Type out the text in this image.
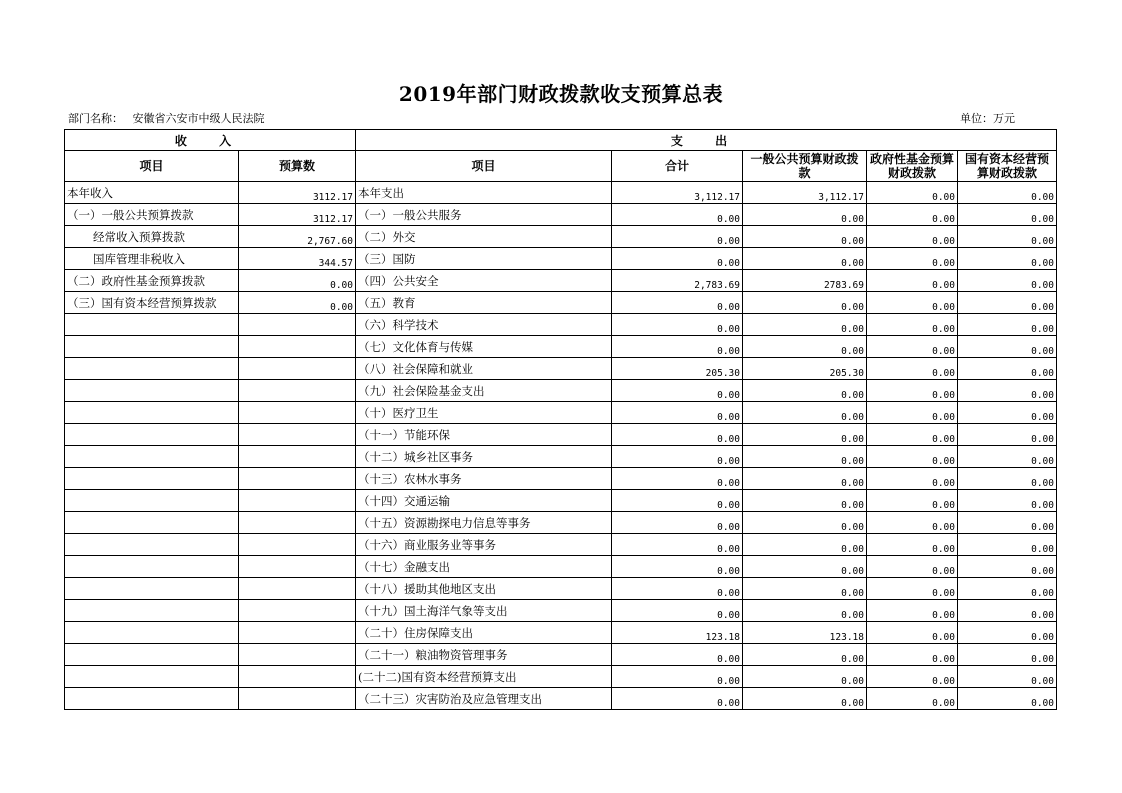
2019年部门财政拨款收支预算总表
部门名称： 安徽省六安市中级人民法院	单位：万元
收 入		支 出				
项目	预算数	项目	合计	一般公共预算财政拨款	政府性基金预算财政拨款	国有资本经营预算财政拨款
本年收入	3112.17	本年支出	3,112.17	3,112.17	0.00	0.00
（一）一般公共预算拨款	3112.17	（一）一般公共服务	0.00	0.00	0.00	0.00
经常收入预算拨款	2,767.60	（二）外交	0.00	0.00	0.00	0.00
国库管理非税收入	344.57	（三）国防	0.00	0.00	0.00	0.00
（二）政府性基金预算拨款	0.00	（四）公共安全	2,783.69	2783.69	0.00	0.00
（三）国有资本经营预算拨款	0.00	（五）教育	0.00	0.00	0.00	0.00
		（六）科学技术	0.00	0.00	0.00	0.00
		（七）文化体育与传媒	0.00	0.00	0.00	0.00
		（八）社会保障和就业	205.30	205.30	0.00	0.00
		（九）社会保险基金支出	0.00	0.00	0.00	0.00
		（十）医疗卫生	0.00	0.00	0.00	0.00
		（十一）节能环保	0.00	0.00	0.00	0.00
		（十二）城乡社区事务	0.00	0.00	0.00	0.00
		（十三）农林水事务	0.00	0.00	0.00	0.00
		（十四）交通运输	0.00	0.00	0.00	0.00
		（十五）资源勘探电力信息等事务	0.00	0.00	0.00	0.00
		（十六）商业服务业等事务	0.00	0.00	0.00	0.00
		（十七）金融支出	0.00	0.00	0.00	0.00
		（十八）援助其他地区支出	0.00	0.00	0.00	0.00
		（十九）国土海洋气象等支出	0.00	0.00	0.00	0.00
		（二十）住房保障支出	123.18	123.18	0.00	0.00
		（二十一）粮油物资管理事务	0.00	0.00	0.00	0.00
		(二十二)国有资本经营预算支出	0.00	0.00	0.00	0.00
		（二十三）灾害防治及应急管理支出	0.00	0.00	0.00	0.00
